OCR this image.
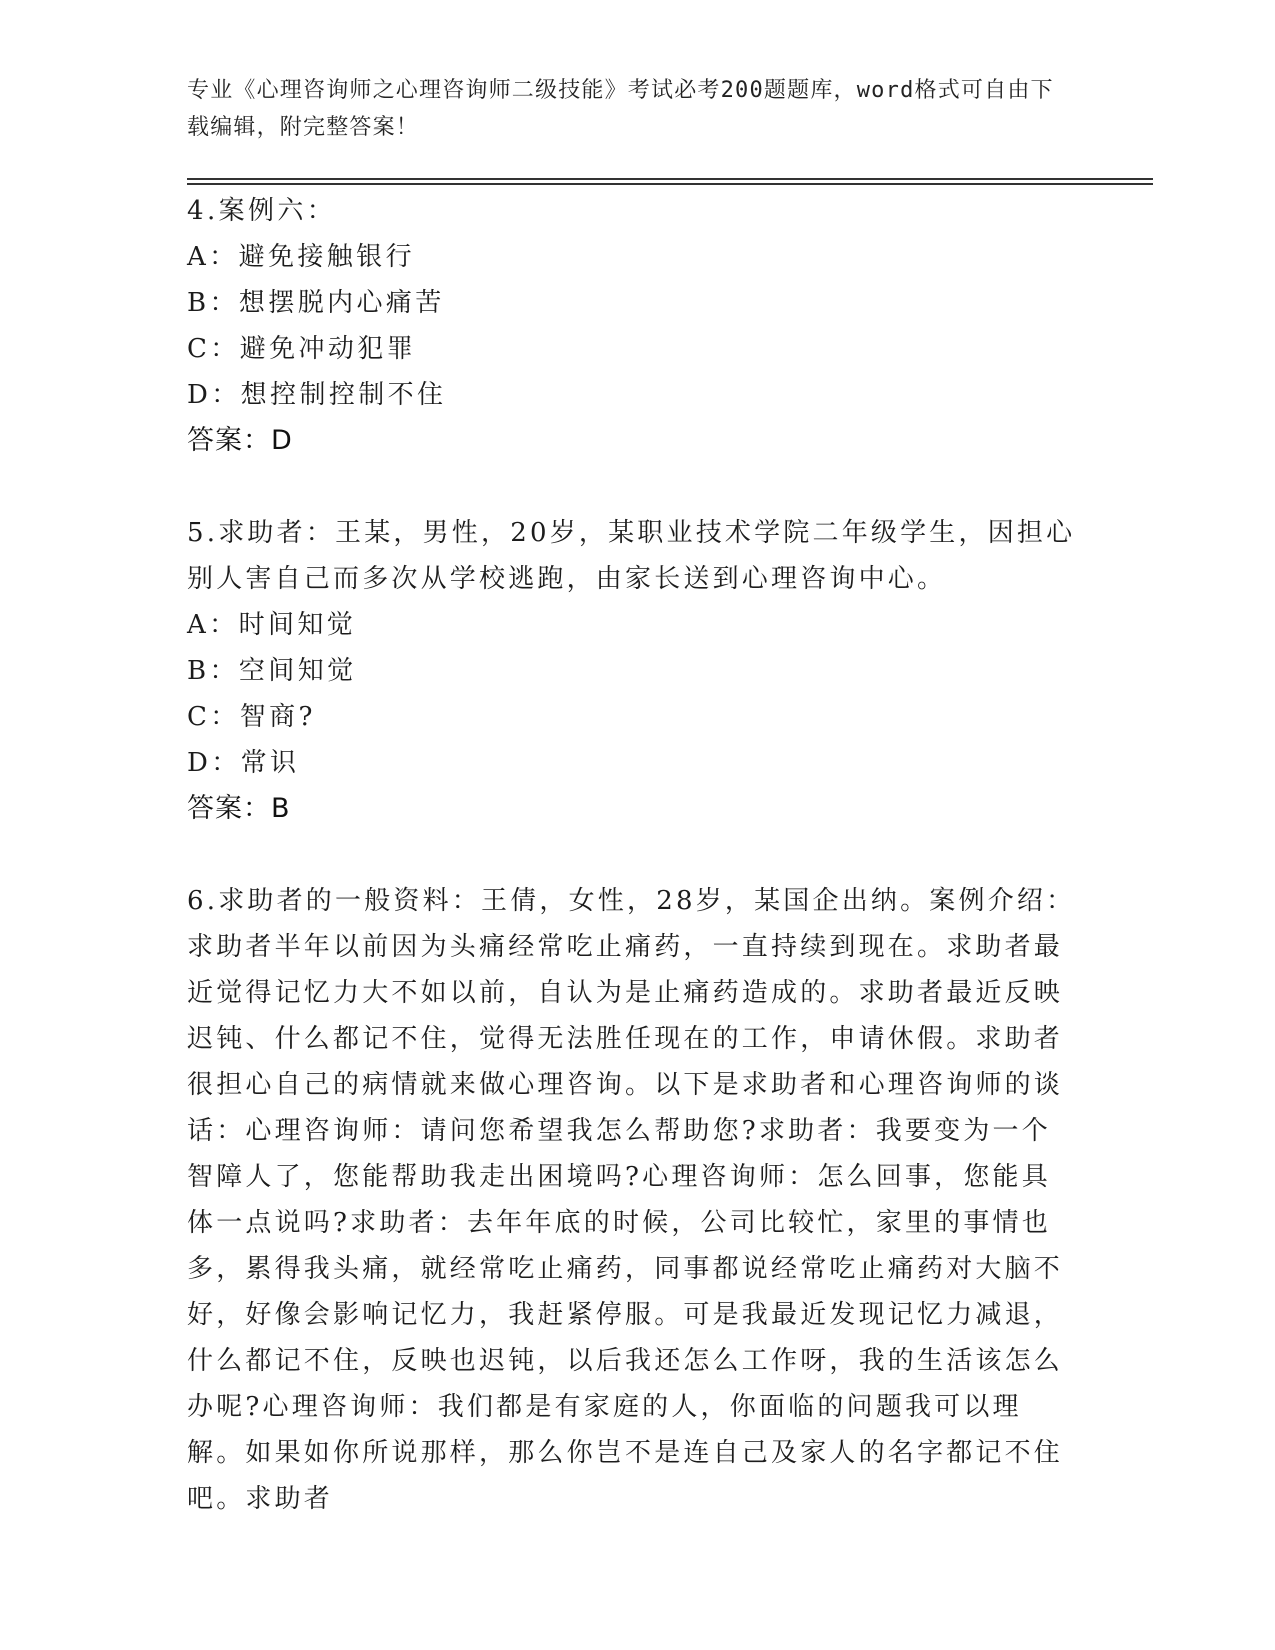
专业《心理咨询师之心理咨询师二级技能》考试必考200题题库，word格式可自由下载编辑，附完整答案！
4.案例六：
A：避免接触银行
B：想摆脱内心痛苦
C：避免冲动犯罪
D：想控制控制不住
答案：D
5.求助者：王某，男性，20岁，某职业技术学院二年级学生，因担心别人害自己而多次从学校逃跑，由家长送到心理咨询中心。
A：时间知觉
B：空间知觉
C：智商?
D：常识
答案：B
6.求助者的一般资料：王倩，女性，28岁，某国企出纳。案例介绍：求助者半年以前因为头痛经常吃止痛药，一直持续到现在。求助者最近觉得记忆力大不如以前，自认为是止痛药造成的。求助者最近反映迟钝、什么都记不住，觉得无法胜任现在的工作，申请休假。求助者很担心自己的病情就来做心理咨询。以下是求助者和心理咨询师的谈话：心理咨询师：请问您希望我怎么帮助您?求助者：我要变为一个智障人了，您能帮助我走出困境吗?心理咨询师：怎么回事，您能具体一点说吗?求助者：去年年底的时候，公司比较忙，家里的事情也多，累得我头痛，就经常吃止痛药，同事都说经常吃止痛药对大脑不好，好像会影响记忆力，我赶紧停服。可是我最近发现记忆力减退，什么都记不住，反映也迟钝，以后我还怎么工作呀，我的生活该怎么办呢?心理咨询师：我们都是有家庭的人，你面临的问题我可以理解。如果如你所说那样，那么你岂不是连自己及家人的名字都记不住吧。求助者
